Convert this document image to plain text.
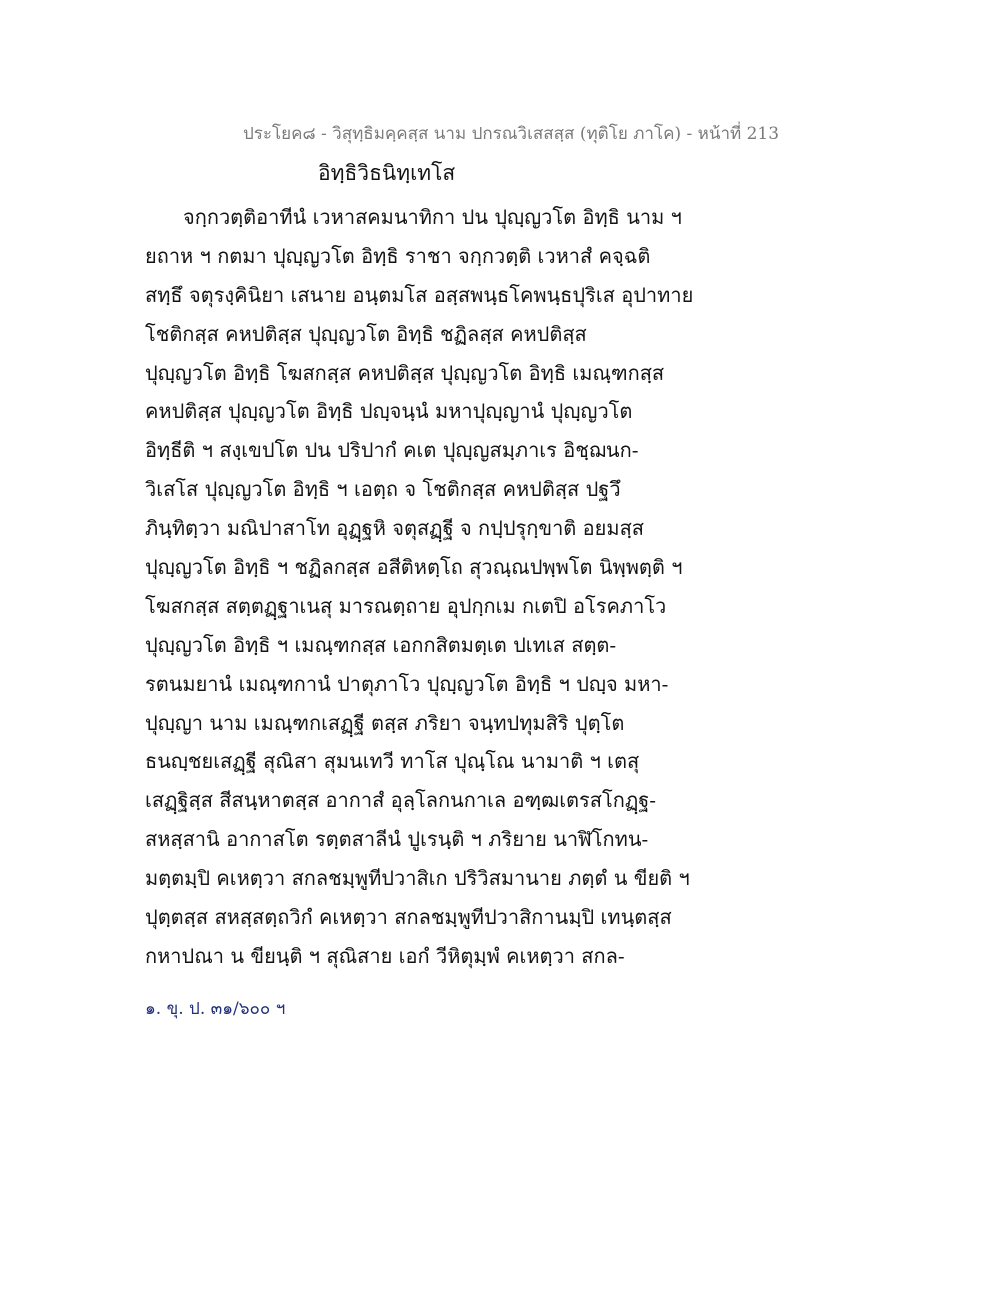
ประโยค๘ - วิสุทฺธิมคฺคสฺส นาม ปกรณวิเสสสฺส (ทุติโย ภาโค) - หน้าที่ 213
อิทฺธิวิธนิทฺเทโส
จกฺกวตฺติอาทีนํ เวหาสคมนาทิกา ปน ปุญฺญวโต อิทฺธิ นาม ฯ
ยถาห ฯ กตมา ปุญฺญวโต อิทฺธิ ราชา จกฺกวตฺติ เวหาสํ คจฺฉติ
สทฺธึ จตุรงฺคินิยา เสนาย อนฺตมโส อสฺสพนฺธโคพนฺธปุริเส อุปาทาย
โชติกสฺส คหปติสฺส ปุญฺญวโต อิทฺธิ ชฏิลสฺส คหปติสฺส
ปุญฺญวโต อิทฺธิ โฆสกสฺส คหปติสฺส ปุญฺญวโต อิทฺธิ เมณฺฑกสฺส
คหปติสฺส ปุญฺญวโต อิทฺธิ ปญฺจนฺนํ มหาปุญฺญานํ ปุญฺญวโต
อิทฺธีติ ฯ สงฺเขปโต ปน ปริปากํ คเต ปุญฺญสมฺภาเร อิชฺฌนก-
วิเสโส ปุญฺญวโต อิทฺธิ ฯ เอตฺถ จ โชติกสฺส คหปติสฺส ปฐวึ
ภินฺทิตฺวา มณิปาสาโท อุฏฺฐหิ จตุสฏฺฐี จ กปฺปรุกฺขาติ อยมสฺส
ปุญฺญวโต อิทฺธิ ฯ ชฏิลกสฺส อสีติหตฺโถ สุวณฺณปพฺพโต นิพฺพตฺติ ฯ
โฆสกสฺส สตฺตฏฺฐาเนสุ มารณตฺถาย อุปกฺกเม กเตปิ อโรคภาโว
ปุญฺญวโต อิทฺธิ ฯ เมณฺฑกสฺส เอกกสิตมตฺเต ปเทเส สตฺต-
รตนมยานํ เมณฺฑกานํ ปาตุภาโว ปุญฺญวโต อิทฺธิ ฯ ปญฺจ มหา-
ปุญฺญา นาม เมณฺฑกเสฏฺฐี ตสฺส ภริยา จนฺทปทุมสิริ ปุตฺโต
ธนญฺชยเสฏฺฐี สุณิสา สุมนเทวี ทาโส ปุณฺโณ นามาติ ฯ เตสุ
เสฏฺฐิสฺส สีสนฺหาตสฺส อากาสํ อุลฺโลกนกาเล อฑฺฒเตรสโกฏฺฐ-
สหสฺสานิ อากาสโต รตฺตสาลีนํ ปูเรนฺติ ฯ ภริยาย นาฬิโกทน-
มตฺตมฺปิ คเหตฺวา สกลชมฺพูทีปวาสิเก ปริวิสมานาย ภตฺตํ น ขียติ ฯ
ปุตฺตสฺส สหสฺสตฺถวิกํ คเหตฺวา สกลชมฺพูทีปวาสิกานมฺปิ เทนฺตสฺส
กหาปณา น ขียนฺติ ฯ สุณิสาย เอกํ วีหิตุมฺพํ คเหตฺวา สกล-
๑. ขุ. ป. ๓๑/๖๐๐ ฯ
